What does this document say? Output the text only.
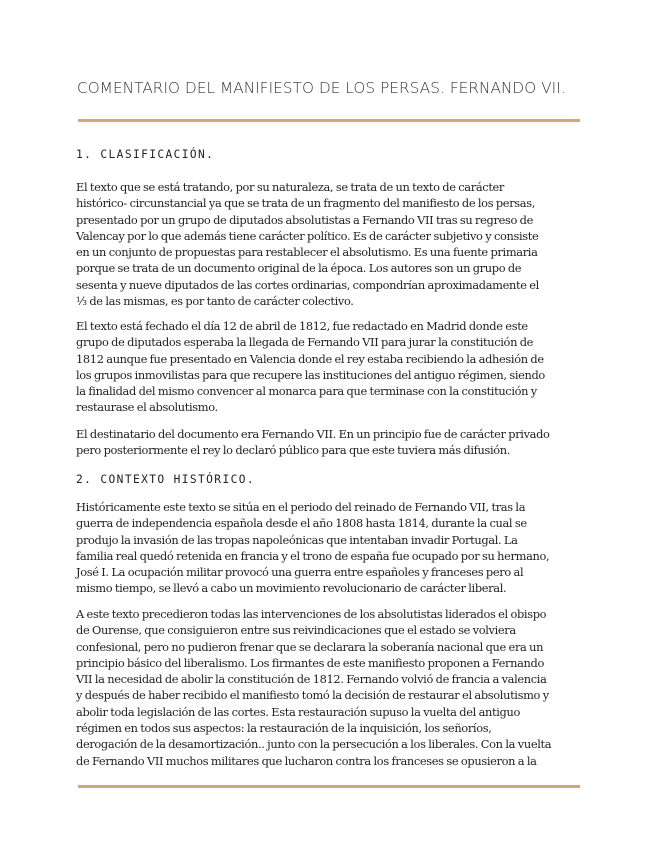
COMENTARIO DEL MANIFIESTO DE LOS PERSAS. FERNANDO VII.
1. CLASIFICACIÓN.
El texto que se está tratando, por su naturaleza, se trata de un texto de carácter
histórico- circunstancial ya que se trata de un fragmento del manifiesto de los persas,
presentado por un grupo de diputados absolutistas a Fernando VII tras su regreso de
Valencay por lo que además tiene carácter político. Es de carácter subjetivo y consiste
en un conjunto de propuestas para restablecer el absolutismo. Es una fuente primaria
porque se trata de un documento original de la época. Los autores son un grupo de
sesenta y nueve diputados de las cortes ordinarias, compondrían aproximadamente el
⅓ de las mismas, es por tanto de carácter colectivo.
El texto está fechado el día 12 de abril de 1812, fue redactado en Madrid donde este
grupo de diputados esperaba la llegada de Fernando VII para jurar la constitución de
1812 aunque fue presentado en Valencia donde el rey estaba recibiendo la adhesión de
los grupos inmovilistas para que recupere las instituciones del antiguo régimen, siendo
la finalidad del mismo convencer al monarca para que terminase con la constitución y
restaurase el absolutismo.
El destinatario del documento era Fernando VII. En un principio fue de carácter privado
pero posteriormente el rey lo declaró público para que este tuviera más difusión.
2. CONTEXTO HISTÓRICO.
Históricamente este texto se sitúa en el periodo del reinado de Fernando VII, tras la
guerra de independencia española desde el año 1808 hasta 1814, durante la cual se
produjo la invasión de las tropas napoleónicas que intentaban invadir Portugal. La
familia real quedó retenida en francia y el trono de españa fue ocupado por su hermano,
José I. La ocupación militar provocó una guerra entre españoles y franceses pero al
mismo tiempo, se llevó a cabo un movimiento revolucionario de carácter liberal.
A este texto precedieron todas las intervenciones de los absolutistas liderados el obispo
de Ourense, que consiguieron entre sus reivindicaciones que el estado se volviera
confesional, pero no pudieron frenar que se declarara la soberanía nacional que era un
principio básico del liberalismo. Los firmantes de este manifiesto proponen a Fernando
VII la necesidad de abolir la constitución de 1812. Fernando volvió de francia a valencia
y después de haber recibido el manifiesto tomó la decisión de restaurar el absolutismo y
abolir toda legislación de las cortes. Esta restauración supuso la vuelta del antiguo
régimen en todos sus aspectos: la restauración de la inquisición, los señoríos,
derogación de la desamortización.. junto con la persecución a los liberales. Con la vuelta
de Fernando VII muchos militares que lucharon contra los franceses se opusieron a la
